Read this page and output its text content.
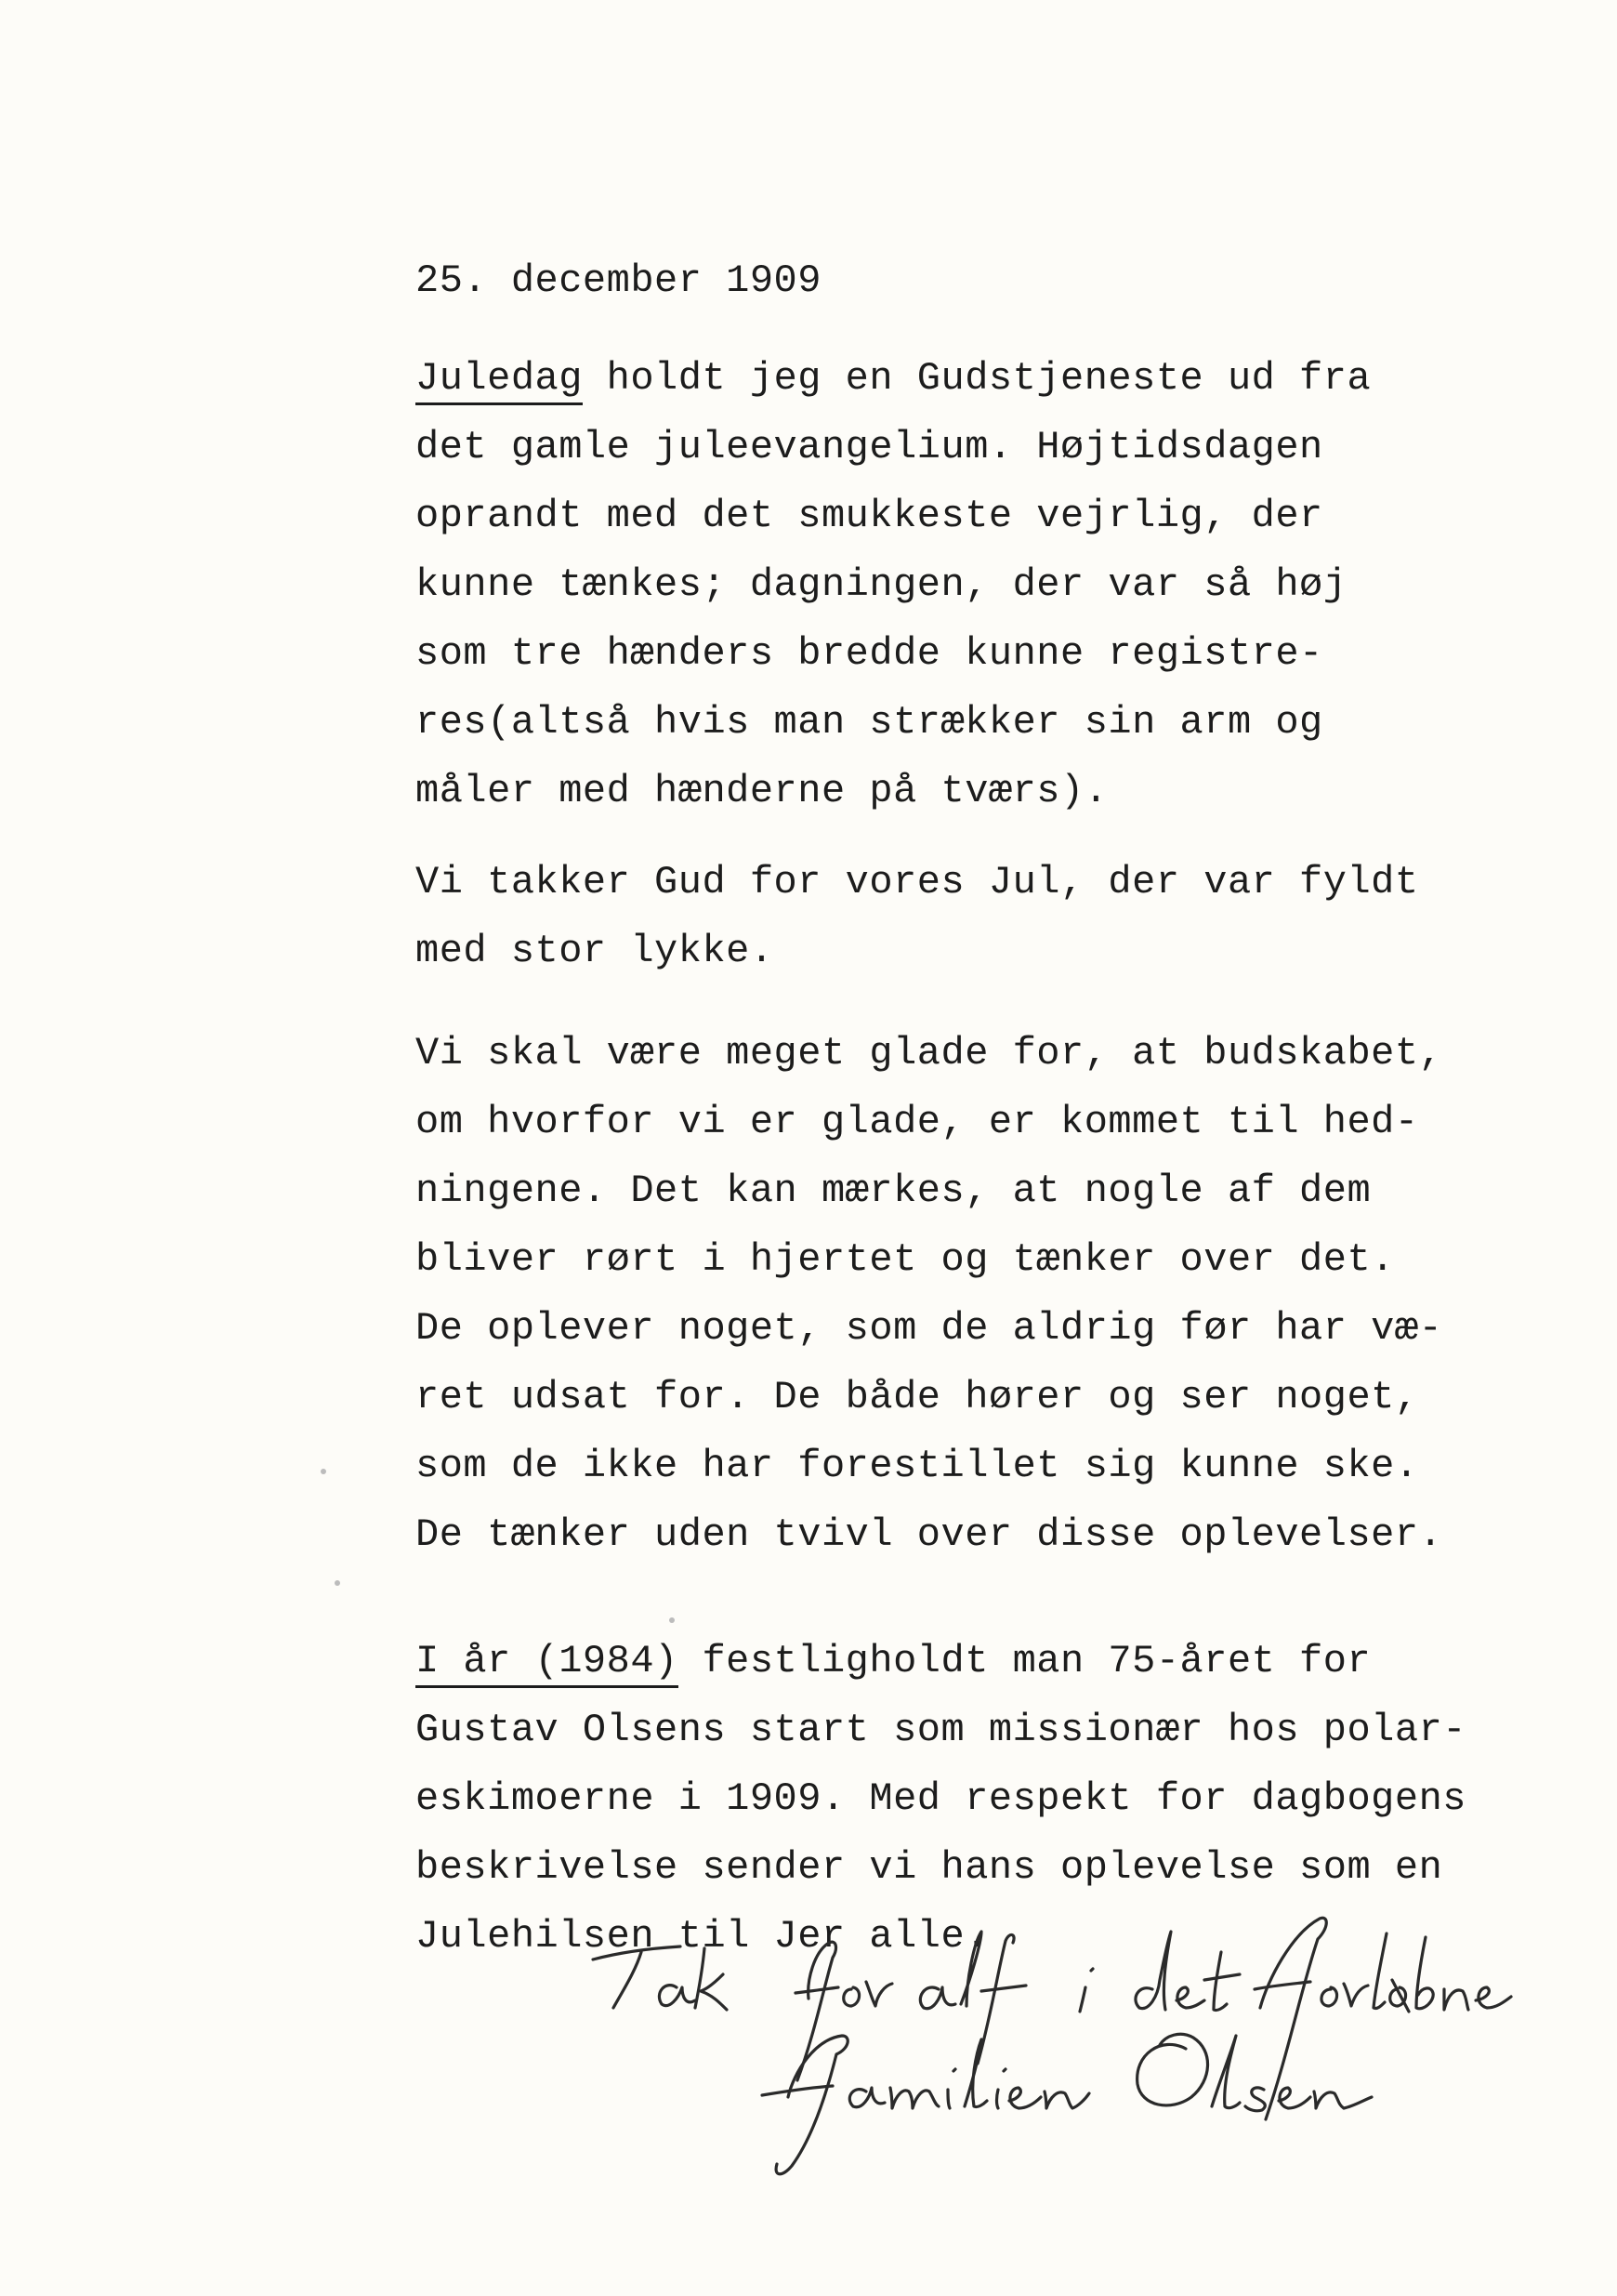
25. december 1909
Juledag holdt jeg en Gudstjeneste ud fra
det gamle juleevangelium. Højtidsdagen
oprandt med det smukkeste vejrlig, der
kunne tænkes; dagningen, der var så høj
som tre hænders bredde kunne registre-
res(altså hvis man strækker sin arm og
måler med hænderne på tværs).
Vi takker Gud for vores Jul, der var fyldt
med stor lykke.
Vi skal være meget glade for, at budskabet,
om hvorfor vi er glade, er kommet til hed-
ningene. Det kan mærkes, at nogle af dem
bliver rørt i hjertet og tænker over det.
De oplever noget, som de aldrig før har væ-
ret udsat for. De både hører og ser noget,
som de ikke har forestillet sig kunne ske.
De tænker uden tvivl over disse oplevelser.
I år (1984) festligholdt man 75-året for
Gustav Olsens start som missionær hos polar-
eskimoerne i 1909. Med respekt for dagbogens
beskrivelse sender vi hans oplevelse som en
Julehilsen til Jer alle.
